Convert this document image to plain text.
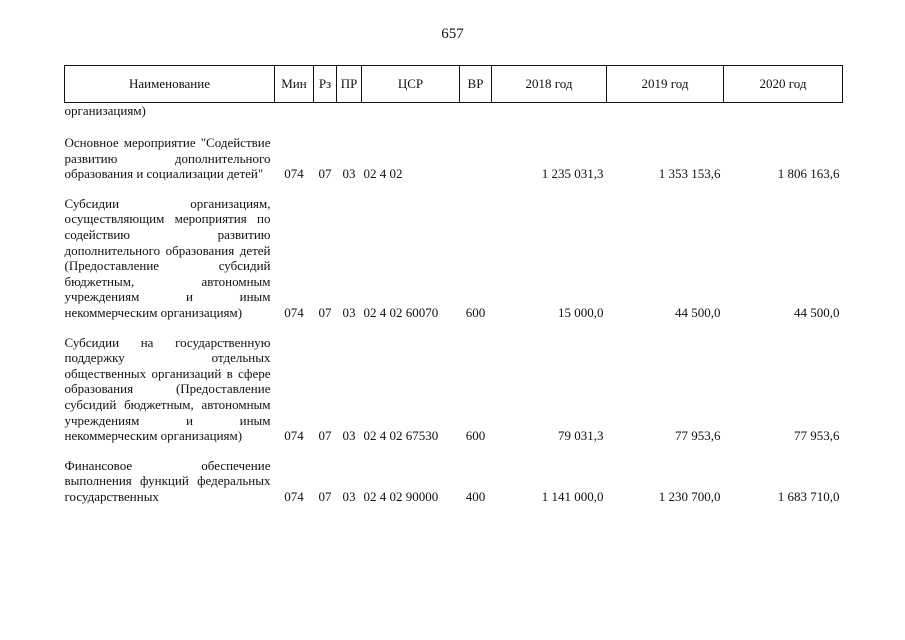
657
Наименование	Мин	Рз	ПР	ЦСР	ВР	2018 год	2019 год	2020 год
организациям)								

Основное мероприятие "Содействие развитию дополнительного образования и социализации детей"	074	07	03	02 4 02		1 235 031,3	1 353 153,6	1 806 163,6

Субсидии организациям, осуществляющим мероприятия по содействию развитию дополнительного образования детей (Предоставление субсидий бюджетным, автономным учреждениям и иным некоммерческим организациям)	074	07	03	02 4 02 60070	600	15 000,0	44 500,0	44 500,0

Субсидии на государственную поддержку отдельных общественных организаций в сфере образования (Предоставление субсидий бюджетным, автономным учреждениям и иным некоммерческим организациям)	074	07	03	02 4 02 67530	600	79 031,3	77 953,6	77 953,6

Финансовое обеспечение выполнения функций федеральных государственных	074	07	03	02 4 02 90000	400	1 141 000,0	1 230 700,0	1 683 710,0
